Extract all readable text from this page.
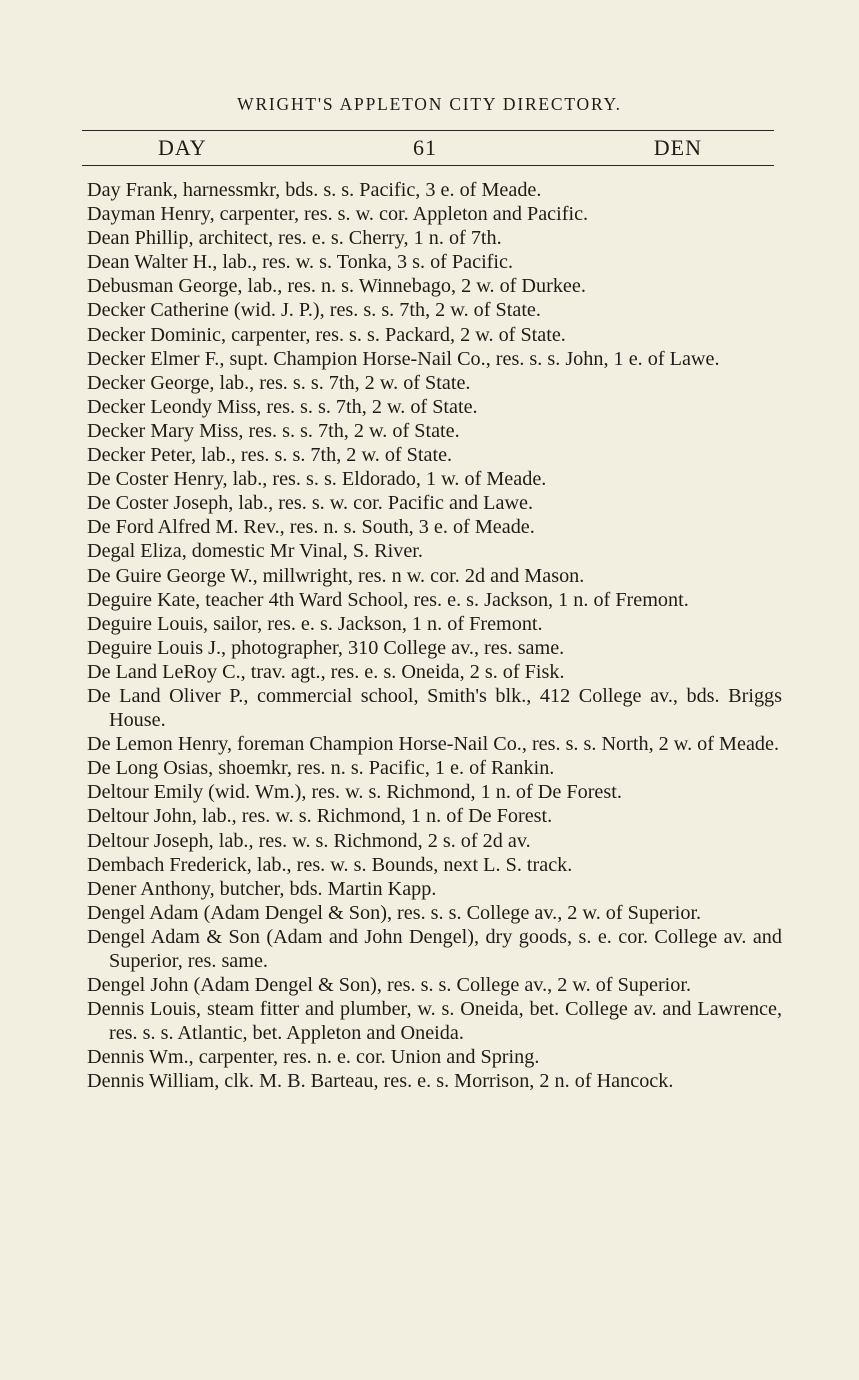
WRIGHT'S APPLETON CITY DIRECTORY.
DAY	61	DEN
Day Frank, harnessmkr, bds. s. s. Pacific, 3 e. of Meade.
Dayman Henry, carpenter, res. s. w. cor. Appleton and Pacific.
Dean Phillip, architect, res. e. s. Cherry, 1 n. of 7th.
Dean Walter H., lab., res. w. s. Tonka, 3 s. of Pacific.
Debusman George, lab., res. n. s. Winnebago, 2 w. of Durkee.
Decker Catherine (wid. J. P.), res. s. s. 7th, 2 w. of State.
Decker Dominic, carpenter, res. s. s. Packard, 2 w. of State.
Decker Elmer F., supt. Champion Horse-Nail Co., res. s. s. John, 1 e. of Lawe.
Decker George, lab., res. s. s. 7th, 2 w. of State.
Decker Leondy Miss, res. s. s. 7th, 2 w. of State.
Decker Mary Miss, res. s. s. 7th, 2 w. of State.
Decker Peter, lab., res. s. s. 7th, 2 w. of State.
De Coster Henry, lab., res. s. s. Eldorado, 1 w. of Meade.
De Coster Joseph, lab., res. s. w. cor. Pacific and Lawe.
De Ford Alfred M. Rev., res. n. s. South, 3 e. of Meade.
Degal Eliza, domestic Mr Vinal, S. River.
De Guire George W., millwright, res. n w. cor. 2d and Mason.
Deguire Kate, teacher 4th Ward School, res. e. s. Jackson, 1 n. of Fremont.
Deguire Louis, sailor, res. e. s. Jackson, 1 n. of Fremont.
Deguire Louis J., photographer, 310 College av., res. same.
De Land LeRoy C., trav. agt., res. e. s. Oneida, 2 s. of Fisk.
De Land Oliver P., commercial school, Smith's blk., 412 College av., bds. Briggs House.
De Lemon Henry, foreman Champion Horse-Nail Co., res. s. s. North, 2 w. of Meade.
De Long Osias, shoemkr, res. n. s. Pacific, 1 e. of Rankin.
Deltour Emily (wid. Wm.), res. w. s. Richmond, 1 n. of De Forest.
Deltour John, lab., res. w. s. Richmond, 1 n. of De Forest.
Deltour Joseph, lab., res. w. s. Richmond, 2 s. of 2d av.
Dembach Frederick, lab., res. w. s. Bounds, next L. S. track.
Dener Anthony, butcher, bds. Martin Kapp.
Dengel Adam (Adam Dengel & Son), res. s. s. College av., 2 w. of Superior.
Dengel Adam & Son (Adam and John Dengel), dry goods, s. e. cor. College av. and Superior, res. same.
Dengel John (Adam Dengel & Son), res. s. s. College av., 2 w. of Superior.
Dennis Louis, steam fitter and plumber, w. s. Oneida, bet. College av. and Lawrence, res. s. s. Atlantic, bet. Appleton and Oneida.
Dennis Wm., carpenter, res. n. e. cor. Union and Spring.
Dennis William, clk. M. B. Barteau, res. e. s. Morrison, 2 n. of Hancock.
